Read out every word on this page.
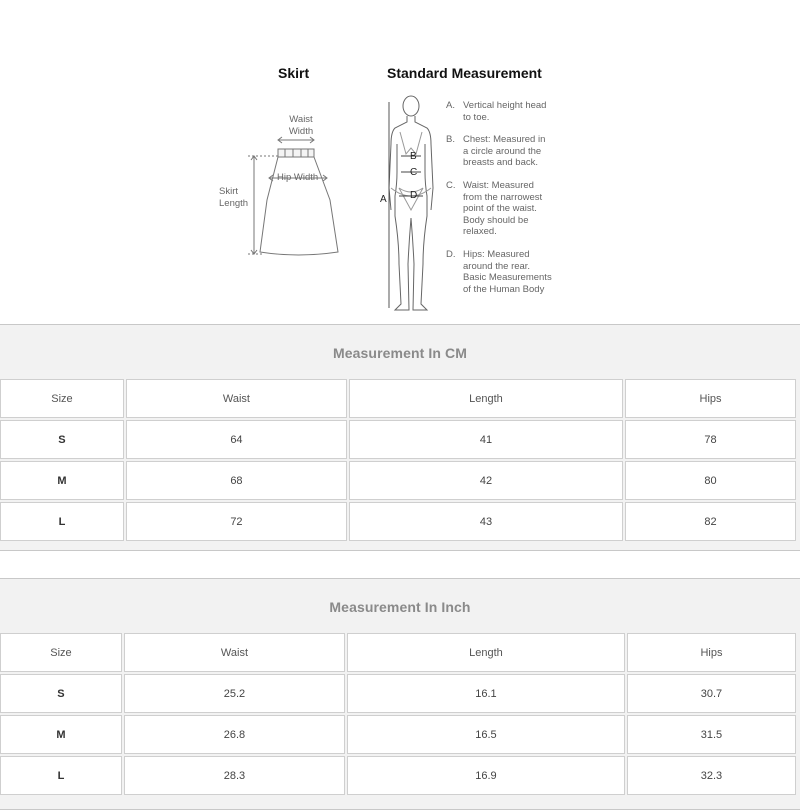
Skirt	Standard Measurement
Waist
Width
Hip Width
Skirt
Length
B
C
D
A
A. Vertical height head
to toe.
B. Chest: Measured in
a circle around the
breasts and back.
C. Waist: Measured
from the narrowest
point of the waist.
Body should be
relaxed.
D. Hips: Measured
around the rear.
Basic Measurements
of the Human Body
Measurement In CM
Size	Waist	Length	Hips
S	64	41	78
M	68	42	80
L	72	43	82
Measurement In Inch
Size	Waist	Length	Hips
S	25.2	16.1	30.7
M	26.8	16.5	31.5
L	28.3	16.9	32.3
